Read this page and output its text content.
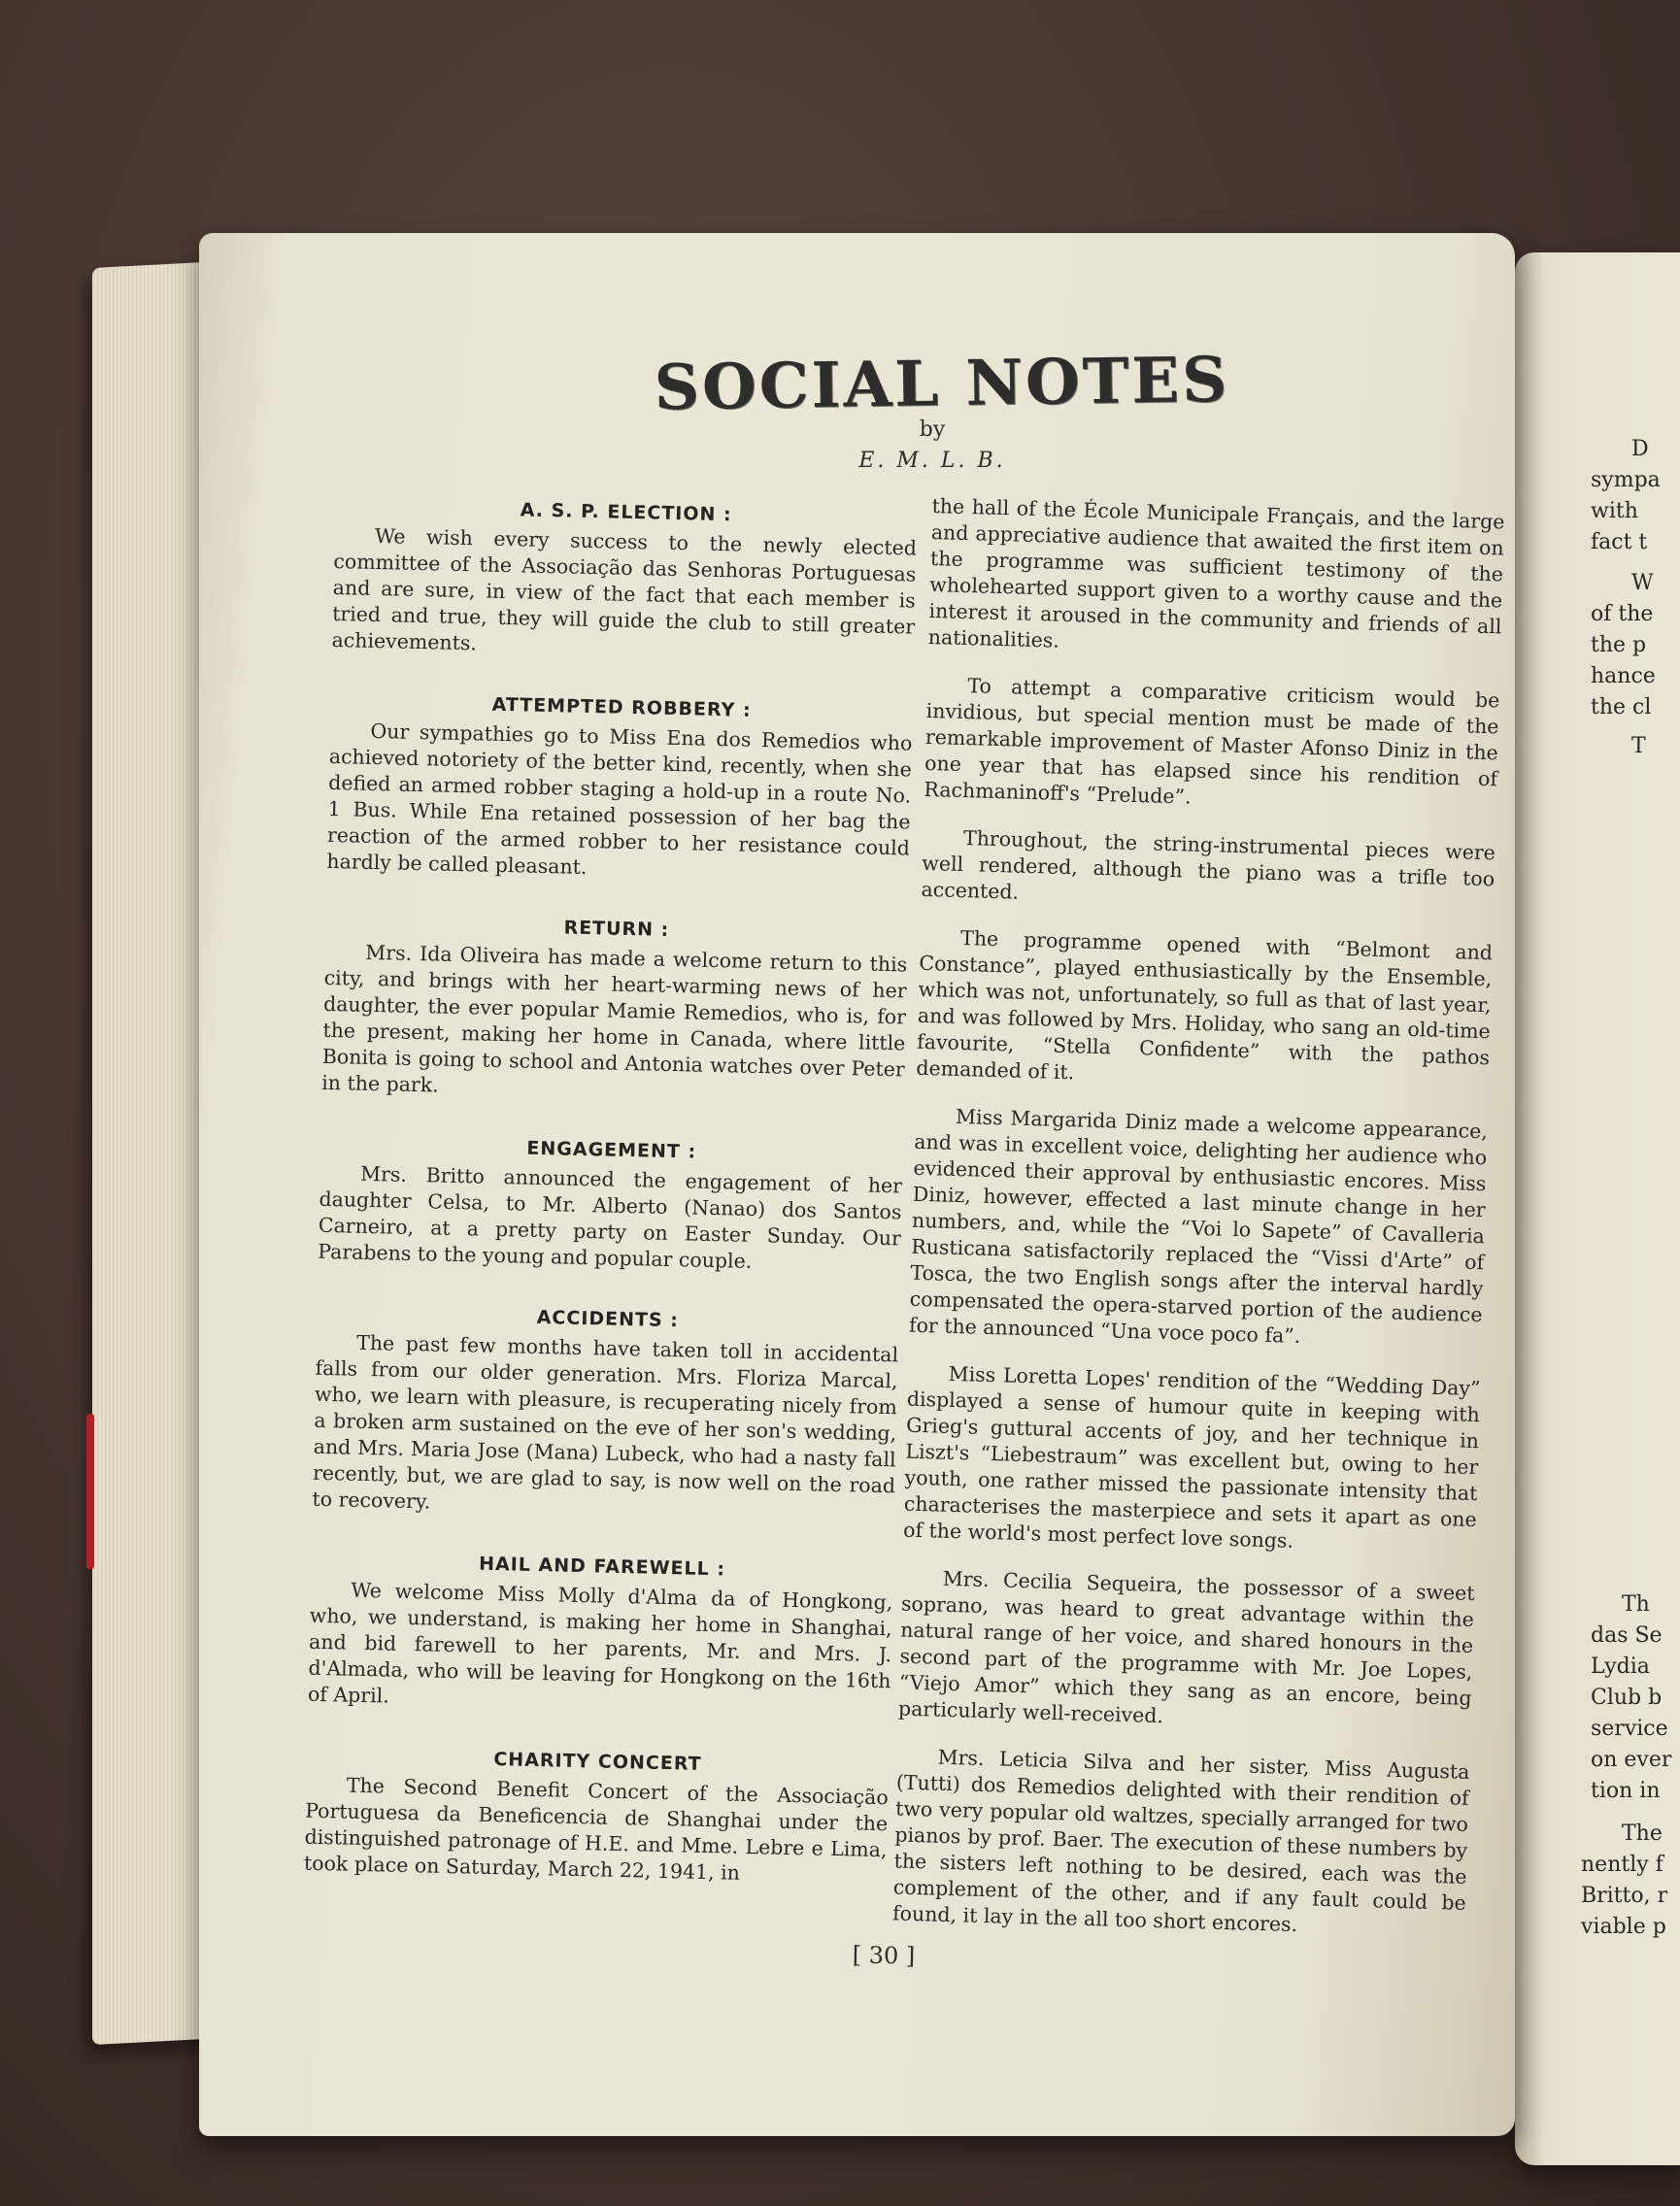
D
sympa
with
fact t
W
of the
the p
hance
the cl
T
Th
das Se
Lydia
Club b
service
on ever
tion in
The
nently f
Britto, r
viable p
SOCIAL NOTES
by
E. M. L. B.
A. S. P. ELECTION :
We wish every success to the newly elected committee of the Associação das Senhoras Portuguesas and are sure, in view of the fact that each member is tried and true, they will guide the club to still greater achievements.
ATTEMPTED ROBBERY :
Our sympathies go to Miss Ena dos Remedios who achieved notoriety of the better kind, recently, when she defied an armed robber staging a hold-up in a route No. 1 Bus. While Ena retained possession of her bag the reaction of the armed robber to her resistance could hardly be called pleasant.
RETURN :
Mrs. Ida Oliveira has made a welcome return to this city, and brings with her heart-warming news of her daughter, the ever popular Mamie Remedios, who is, for the present, making her home in Canada, where little Bonita is going to school and Antonia watches over Peter in the park.
ENGAGEMENT :
Mrs. Britto announced the engagement of her daughter Celsa, to Mr. Alberto (Nanao) dos Santos Carneiro, at a pretty party on Easter Sunday. Our Parabens to the young and popular couple.
ACCIDENTS :
The past few months have taken toll in accidental falls from our older generation. Mrs. Floriza Marcal, who, we learn with pleasure, is recuperating nicely from a broken arm sustained on the eve of her son's wedding, and Mrs. Maria Jose (Mana) Lubeck, who had a nasty fall recently, but, we are glad to say, is now well on the road to recovery.
HAIL AND FAREWELL :
We welcome Miss Molly d'Alma da of Hongkong, who, we understand, is making her home in Shanghai, and bid farewell to her parents, Mr. and Mrs. J. d'Almada, who will be leaving for Hongkong on the 16th of April.
CHARITY CONCERT
The Second Benefit Concert of the Associação Portuguesa da Beneficencia de Shanghai under the distinguished patronage of H.E. and Mme. Lebre e Lima, took place on Saturday, March 22, 1941, in
the hall of the École Municipale Français, and the large and appreciative audience that awaited the first item on the programme was sufficient testimony of the wholehearted support given to a worthy cause and the interest it aroused in the community and friends of all nationalities.
To attempt a comparative criticism would be invidious, but special mention must be made of the remarkable improvement of Master Afonso Diniz in the one year that has elapsed since his rendition of Rachmaninoff's “Prelude”.
Throughout, the string-instrumental pieces were well rendered, although the piano was a trifle too accented.
The programme opened with “Belmont and Constance”, played enthusiastically by the Ensemble, which was not, unfortunately, so full as that of last year, and was followed by Mrs. Holiday, who sang an old-time favourite, “Stella Confidente” with the pathos demanded of it.
Miss Margarida Diniz made a welcome appearance, and was in excellent voice, delighting her audience who evidenced their approval by enthusiastic encores. Miss Diniz, however, effected a last minute change in her numbers, and, while the “Voi lo Sapete” of Cavalleria Rusticana satisfactorily replaced the “Vissi d'Arte” of Tosca, the two English songs after the interval hardly compensated the opera-starved portion of the audience for the announced “Una voce poco fa”.
Miss Loretta Lopes' rendition of the “Wedding Day” displayed a sense of humour quite in keeping with Grieg's guttural accents of joy, and her technique in Liszt's “Liebestraum” was excellent but, owing to her youth, one rather missed the passionate intensity that characterises the masterpiece and sets it apart as one of the world's most perfect love songs.
Mrs. Cecilia Sequeira, the possessor of a sweet soprano, was heard to great advantage within the natural range of her voice, and shared honours in the second part of the programme with Mr. Joe Lopes, “Viejo Amor” which they sang as an encore, being particularly well-received.
Mrs. Leticia Silva and her sister, Miss Augusta (Tutti) dos Remedios delighted with their rendition of two very popular old waltzes, specially arranged for two pianos by prof. Baer. The execution of these numbers by the sisters left nothing to be desired, each was the complement of the other, and if any fault could be found, it lay in the all too short encores.
[ 30 ]
